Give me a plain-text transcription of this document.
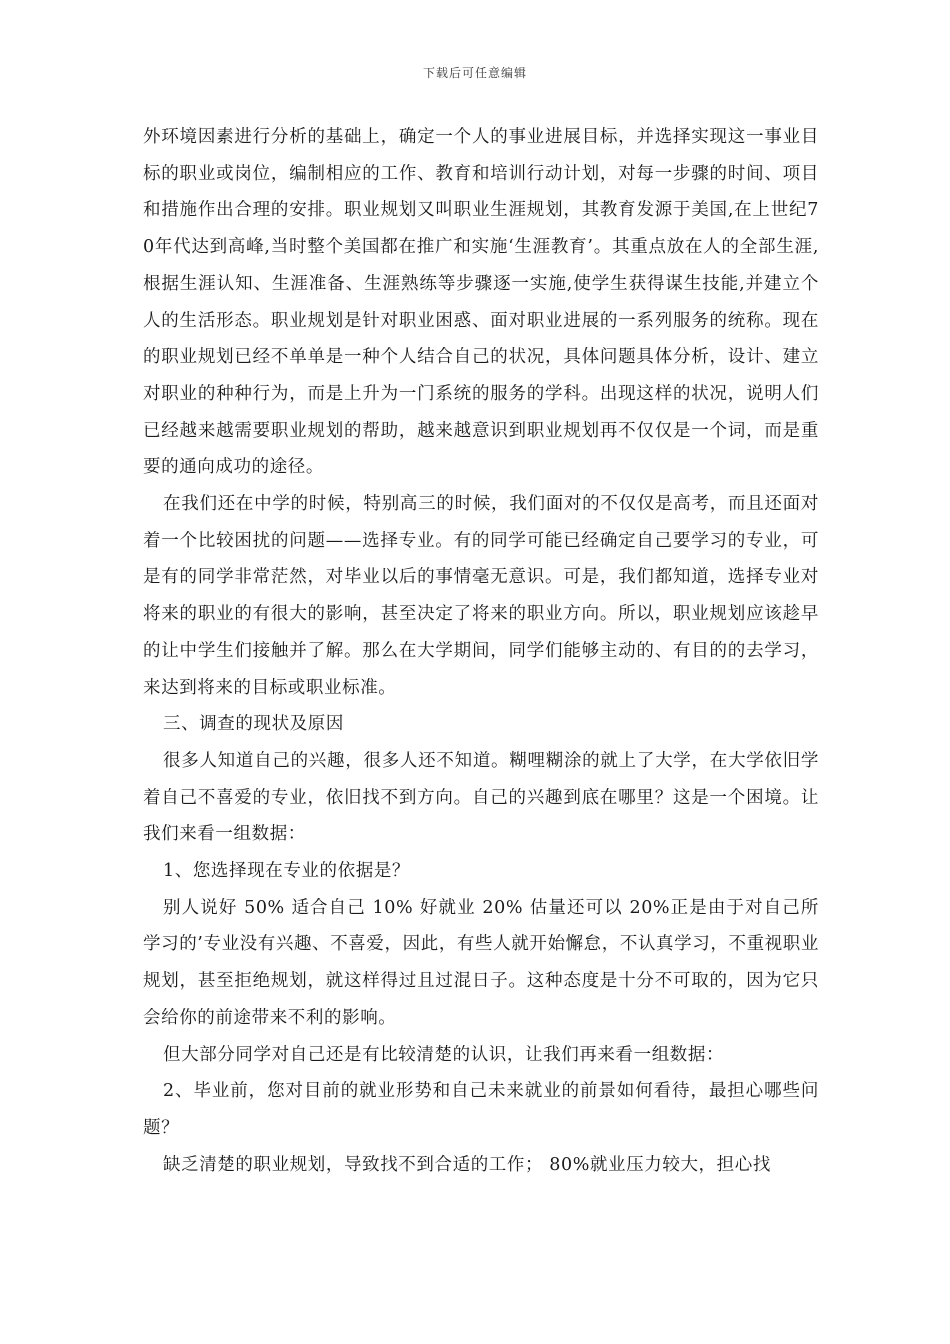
下载后可任意编辑

外环境因素进行分析的基础上，确定一个人的事业进展目标，并选择实现这一事业目标的职业或岗位，编制相应的工作、教育和培训行动计划，对每一步骤的时间、项目和措施作出合理的安排。职业规划又叫职业生涯规划，其教育发源于美国,在上世纪70年代达到高峰,当时整个美国都在推广和实施‘生涯教育’。其重点放在人的全部生涯,根据生涯认知、生涯准备、生涯熟练等步骤逐一实施,使学生获得谋生技能,并建立个人的生活形态。职业规划是针对职业困惑、面对职业进展的一系列服务的统称。现在的职业规划已经不单单是一种个人结合自己的状况，具体问题具体分析，设计、建立对职业的种种行为，而是上升为一门系统的服务的学科。出现这样的状况，说明人们已经越来越需要职业规划的帮助，越来越意识到职业规划再不仅仅是一个词，而是重要的通向成功的途径。

在我们还在中学的时候，特别高三的时候，我们面对的不仅仅是高考，而且还面对着一个比较困扰的问题——选择专业。有的同学可能已经确定自己要学习的专业，可是有的同学非常茫然，对毕业以后的事情毫无意识。可是，我们都知道，选择专业对将来的职业的有很大的影响，甚至决定了将来的职业方向。所以，职业规划应该趁早的让中学生们接触并了解。那么在大学期间，同学们能够主动的、有目的的去学习，来达到将来的目标或职业标准。

三、调查的现状及原因

很多人知道自己的兴趣，很多人还不知道。糊哩糊涂的就上了大学，在大学依旧学着自己不喜爱的专业，依旧找不到方向。自己的兴趣到底在哪里？这是一个困境。让我们来看一组数据：

1、您选择现在专业的依据是？

别人说好 50% 适合自己 10% 好就业 20% 估量还可以 20%正是由于对自己所学习的’专业没有兴趣、不喜爱，因此，有些人就开始懈怠，不认真学习，不重视职业规划，甚至拒绝规划，就这样得过且过混日子。这种态度是十分不可取的，因为它只会给你的前途带来不利的影响。

但大部分同学对自己还是有比较清楚的认识，让我们再来看一组数据：

2、毕业前，您对目前的就业形势和自己未来就业的前景如何看待，最担心哪些问题？

缺乏清楚的职业规划，导致找不到合适的工作； 80%就业压力较大，担心找
